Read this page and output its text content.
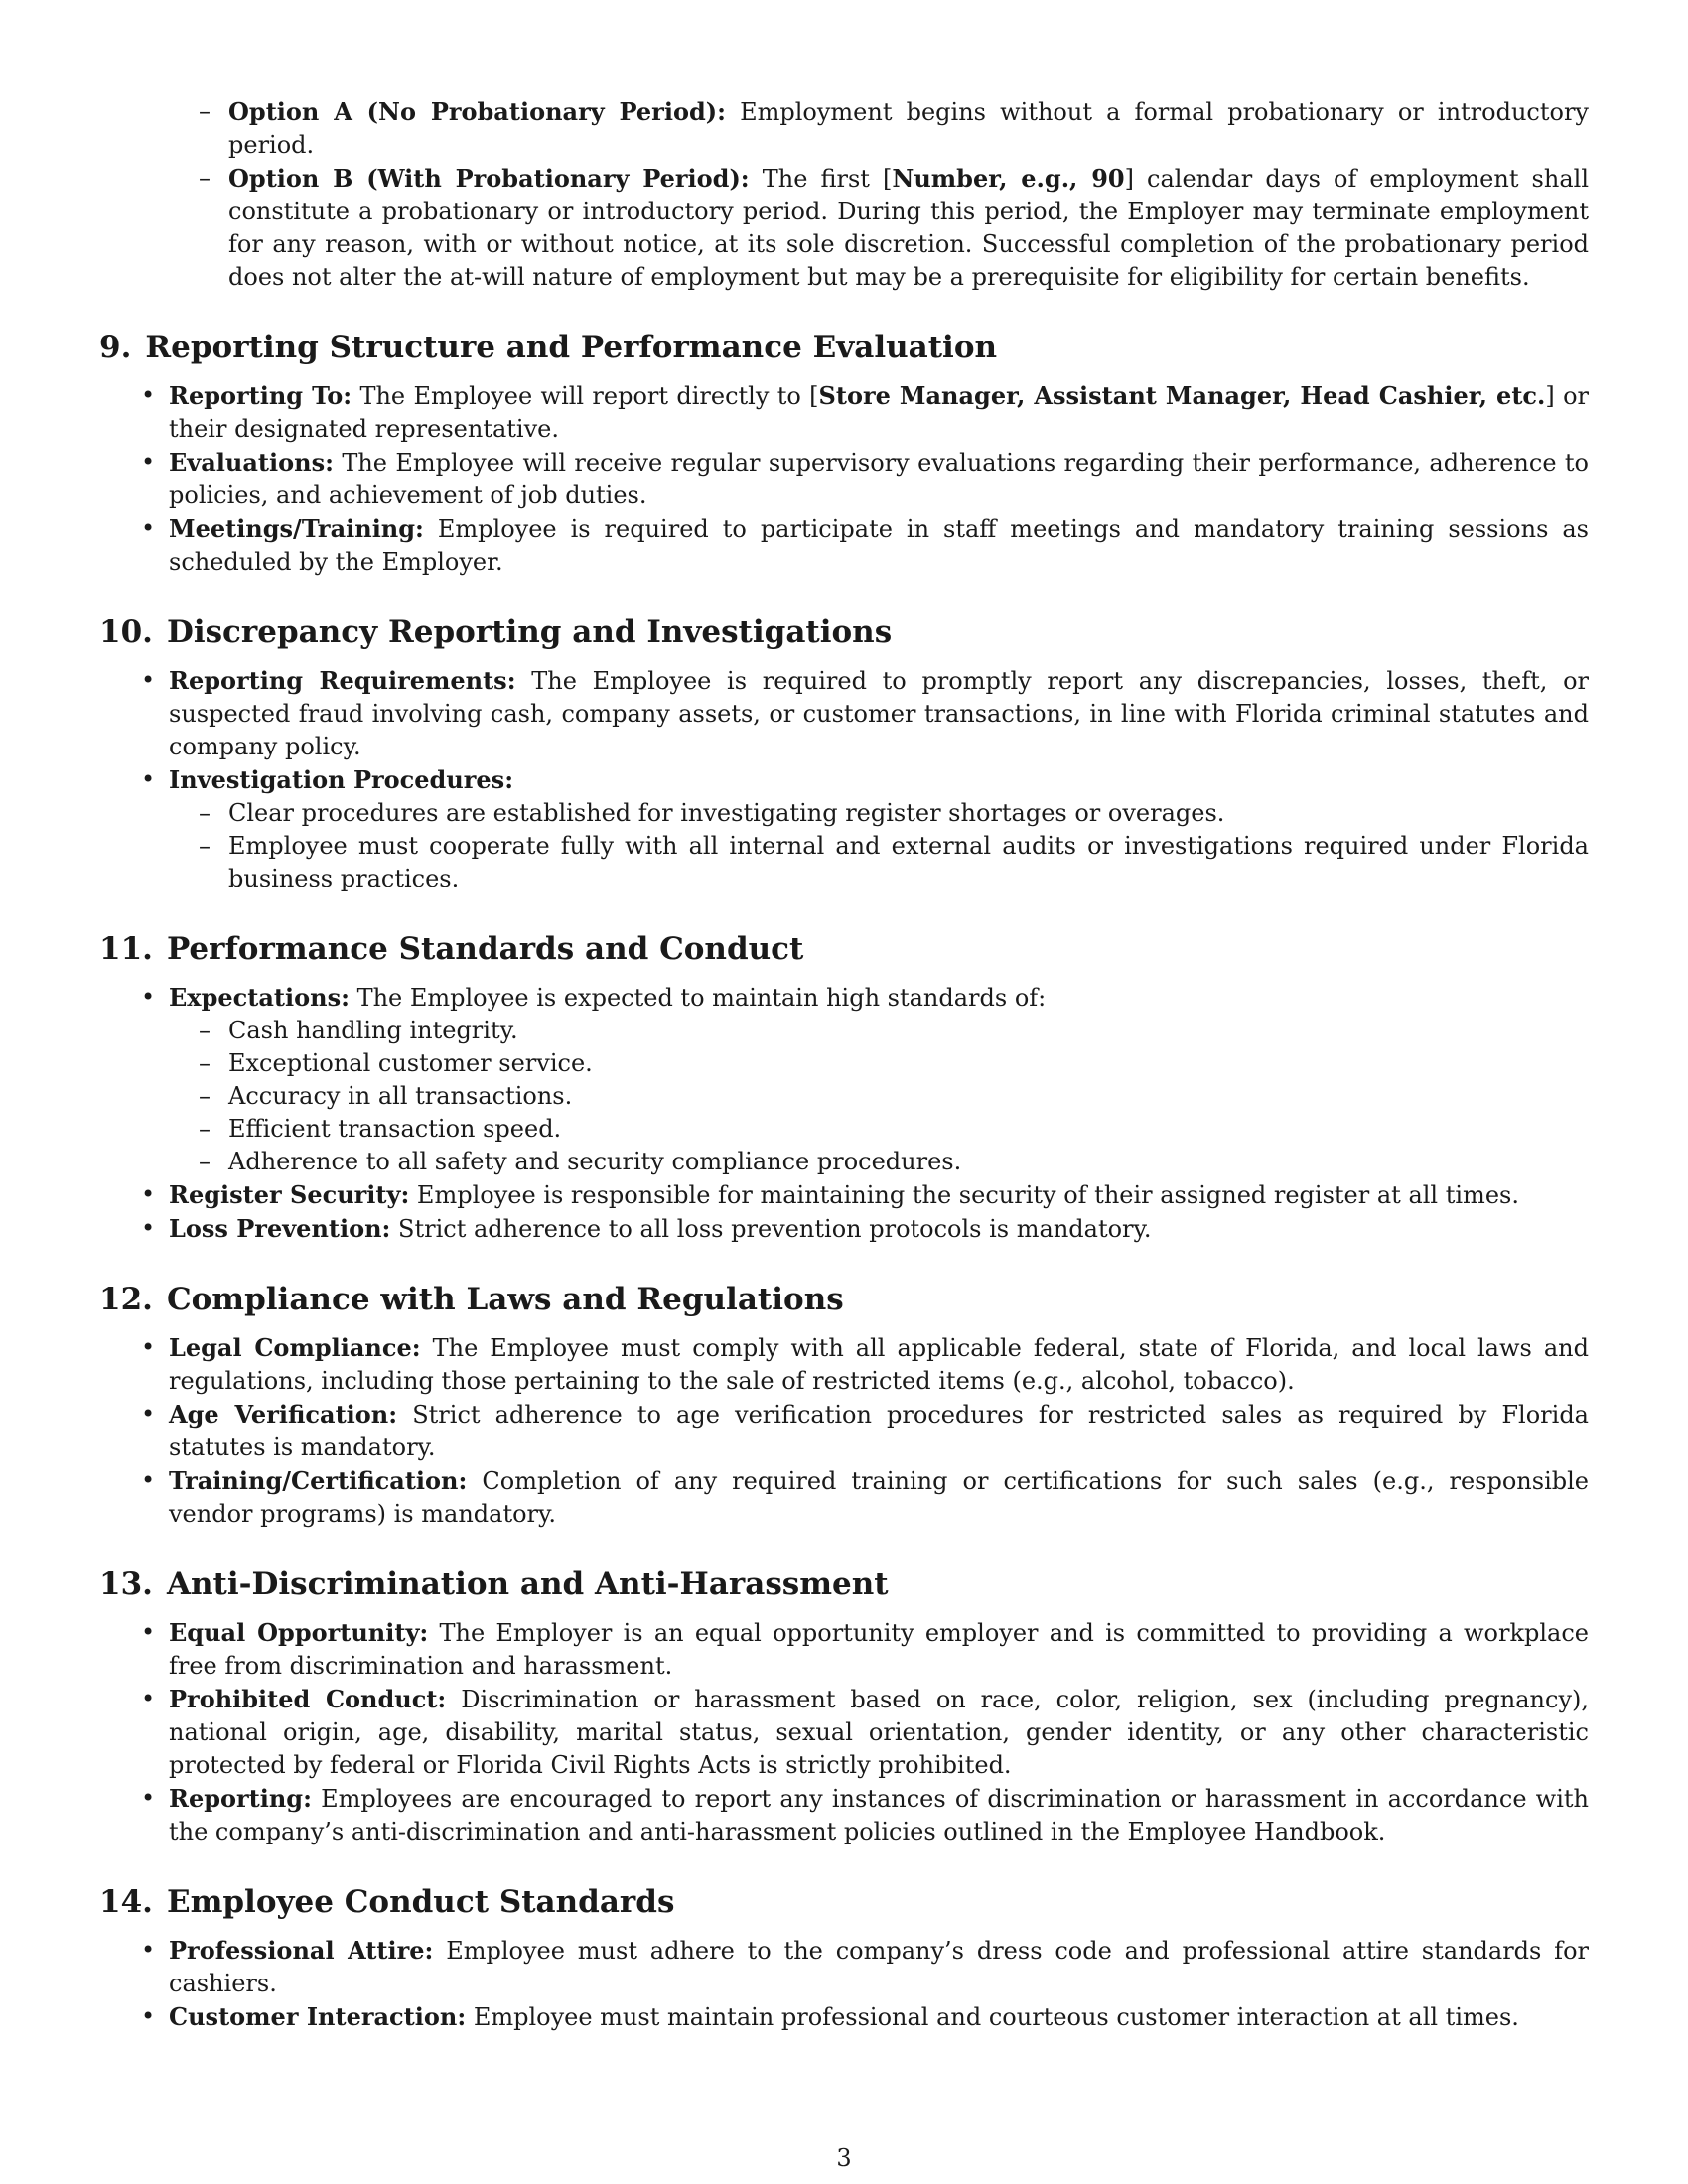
– Option A (No Probationary Period): Employment begins without a formal probationary or introductory period.
– Option B (With Probationary Period): The first [Number, e.g., 90] calendar days of employment shall constitute a probationary or introductory period. During this period, the Employer may terminate employment for any reason, with or without notice, at its sole discretion. Successful completion of the probationary period does not alter the at-will nature of employment but may be a prerequisite for eligibility for certain benefits.
9. Reporting Structure and Performance Evaluation
• Reporting To: The Employee will report directly to [Store Manager, Assistant Manager, Head Cashier, etc.] or their designated representative.
• Evaluations: The Employee will receive regular supervisory evaluations regarding their performance, adherence to policies, and achievement of job duties.
• Meetings/Training: Employee is required to participate in staff meetings and mandatory training sessions as scheduled by the Employer.
10. Discrepancy Reporting and Investigations
• Reporting Requirements: The Employee is required to promptly report any discrepancies, losses, theft, or suspected fraud involving cash, company assets, or customer transactions, in line with Florida criminal statutes and company policy.
• Investigation Procedures:
– Clear procedures are established for investigating register shortages or overages.
– Employee must cooperate fully with all internal and external audits or investigations required under Florida business practices.
11. Performance Standards and Conduct
• Expectations: The Employee is expected to maintain high standards of:
– Cash handling integrity.
– Exceptional customer service.
– Accuracy in all transactions.
– Efficient transaction speed.
– Adherence to all safety and security compliance procedures.
• Register Security: Employee is responsible for maintaining the security of their assigned register at all times.
• Loss Prevention: Strict adherence to all loss prevention protocols is mandatory.
12. Compliance with Laws and Regulations
• Legal Compliance: The Employee must comply with all applicable federal, state of Florida, and local laws and regulations, including those pertaining to the sale of restricted items (e.g., alcohol, tobacco).
• Age Verification: Strict adherence to age verification procedures for restricted sales as required by Florida statutes is mandatory.
• Training/Certification: Completion of any required training or certifications for such sales (e.g., responsible vendor programs) is mandatory.
13. Anti-Discrimination and Anti-Harassment
• Equal Opportunity: The Employer is an equal opportunity employer and is committed to providing a workplace free from discrimination and harassment.
• Prohibited Conduct: Discrimination or harassment based on race, color, religion, sex (including pregnancy), national origin, age, disability, marital status, sexual orientation, gender identity, or any other characteristic protected by federal or Florida Civil Rights Acts is strictly prohibited.
• Reporting: Employees are encouraged to report any instances of discrimination or harassment in accordance with the company’s anti-discrimination and anti-harassment policies outlined in the Employee Handbook.
14. Employee Conduct Standards
• Professional Attire: Employee must adhere to the company’s dress code and professional attire standards for cashiers.
• Customer Interaction: Employee must maintain professional and courteous customer interaction at all times.
3
